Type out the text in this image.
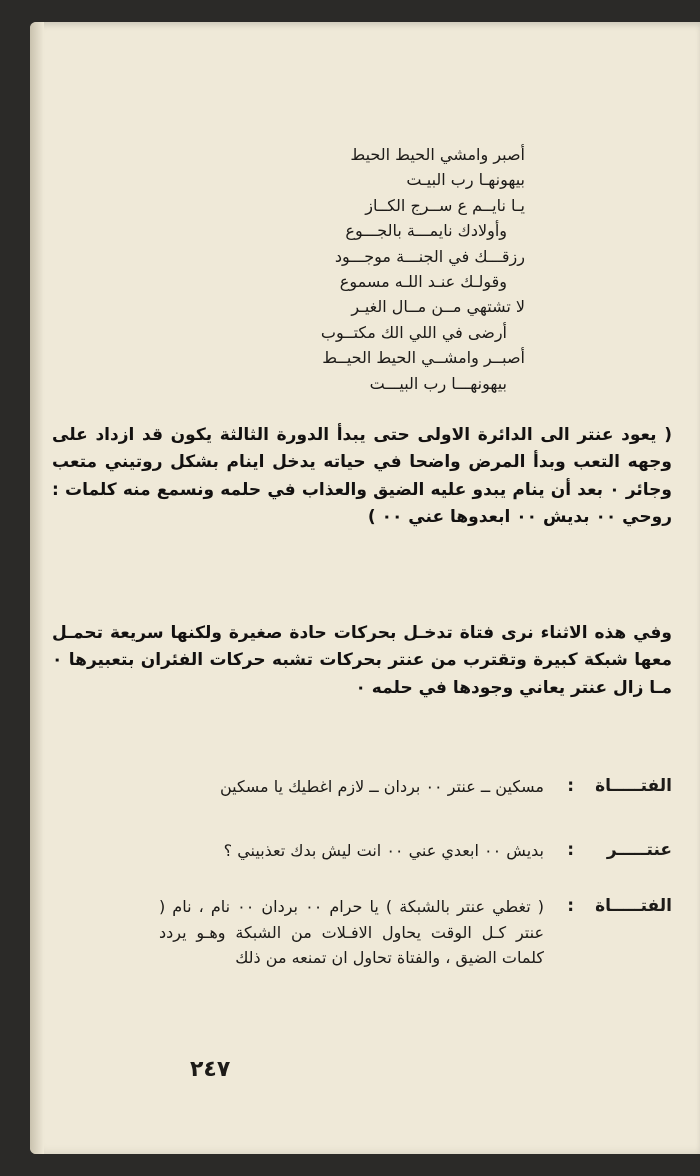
أصبر وامشي الحيط الحيط
بيهونهـا رب البيـت
يـا نايــم ع ســرج الكــاز
وأولادك نايمـــة بالجـــوع
رزقـــك في الجنـــة موجـــود
وقولـك عنـد اللـه مسموع
لا تشتهي مــن مــال الغيـر
أرضى في اللي الك مكتــوب
أصبــر وامشــي الحيط الحيــط
بيهونهـــا رب البيـــت
( يعود عنتر الى الدائرة الاولى حتى يبدأ الدورة الثالثة يكون قد ازداد على وجهه التعب وبدأ المرض واضحا في حياته يدخل اينام بشكل روتيني متعب وجائر ٠ بعد أن ينام يبدو عليه الضيق والعذاب في حلمه ونسمع منه كلمات : روحي ٠٠ بديش ٠٠ ابعدوها عني ٠٠ )
وفي هذه الاثناء نرى فتاة تدخـل بحركات حادة صغيرة ولكنها سريعة تحمـل معها شبكة كبيرة وتقترب من عنتر بحركات تشبه حركات الفئران بتعبيرها ٠ مـا زال عنتر يعاني وجودها في حلمه ٠
الفتـــــاة
:
مسكين ــ عنتر ٠٠ بردان ــ لازم اغطيك يا مسكين
عنتـــــر
:
بديش ٠٠ ابعدي عني ٠٠ انت ليش بدك تعذبيني ؟
الفتـــــاة
:
( تغطي عنتر بالشبكة ) يا حرام ٠٠ بردان ٠٠ نام ، نام ( عنتر كـل الوقت يحاول الافـلات من الشبكة وهـو يردد كلمات الضيق ، والفتاة تحاول ان تمنعه من ذلك
٢٤٧
